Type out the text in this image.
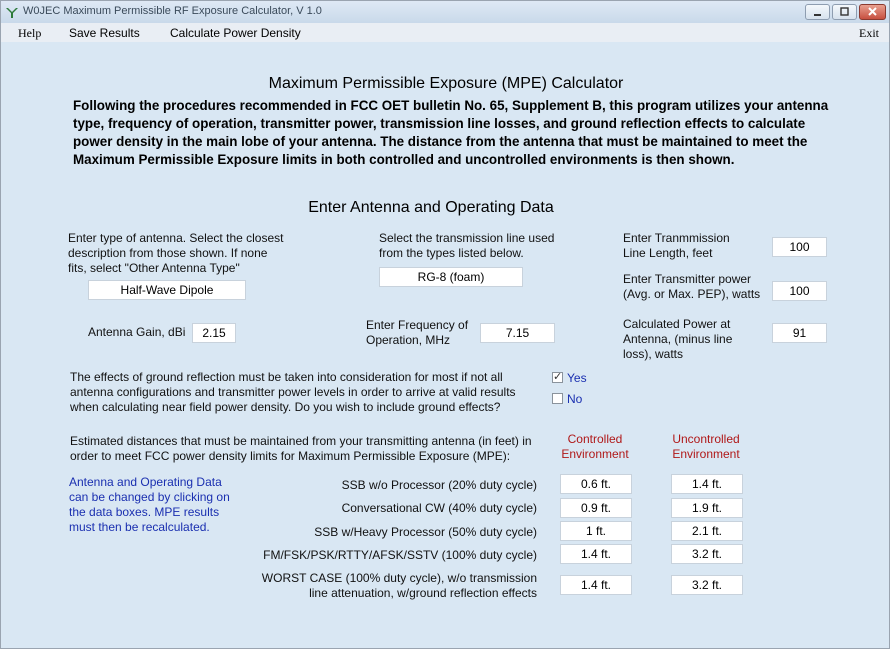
W0JEC Maximum Permissible RF Exposure Calculator, V 1.0
Help Save Results	Calculate Power Density	Exit
Maximum Permissible Exposure (MPE) Calculator
Following the procedures recommended in FCC OET bulletin No. 65, Supplement B, this program utilizes your antenna type, frequency of operation, transmitter power, transmission line losses, and ground reflection effects to calculate power density in the main lobe of your antenna. The distance from the antenna that must be maintained to meet the Maximum Permissible Exposure limits in both controlled and uncontrolled environments is then shown.
Enter Antenna and Operating Data
Enter type of antenna. Select the closest
description from those shown. If none
fits, select "Other Antenna Type"
Half-Wave Dipole
Antenna Gain, dBi	2.15
Select the transmission line used
from the types listed below.
RG-8 (foam)
Enter Frequency of
Operation, MHz	7.15
Enter Tranmmission
Line Length, feet	100
Enter Transmitter power
(Avg. or Max. PEP), watts	100
Calculated Power at
Antenna, (minus line
loss), watts
91
The effects of ground reflection must be taken into consideration for most if not all
antenna configurations and transmitter power levels in order to arrive at valid results
when calculating near field power density. Do you wish to include ground effects?
✓ Yes
No
Estimated distances that must be maintained from your transmitting antenna (in feet) in
order to meet FCC power density limits for Maximum Permissible Exposure (MPE):
Controlled
Environment
Uncontrolled
Environment
Antenna and Operating Data
can be changed by clicking on
the data boxes. MPE results
must then be recalculated.
SSB w/o Processor (20% duty cycle)	0.6 ft.	1.4 ft.
Conversational CW (40% duty cycle)	0.9 ft.	1.9 ft.
SSB w/Heavy Processor (50% duty cycle)	1 ft.	2.1 ft.
FM/FSK/PSK/RTTY/AFSK/SSTV (100% duty cycle)	1.4 ft.	3.2 ft.
WORST CASE (100% duty cycle), w/o transmission
line attenuation, w/ground reflection effects
1.4 ft.	3.2 ft.
